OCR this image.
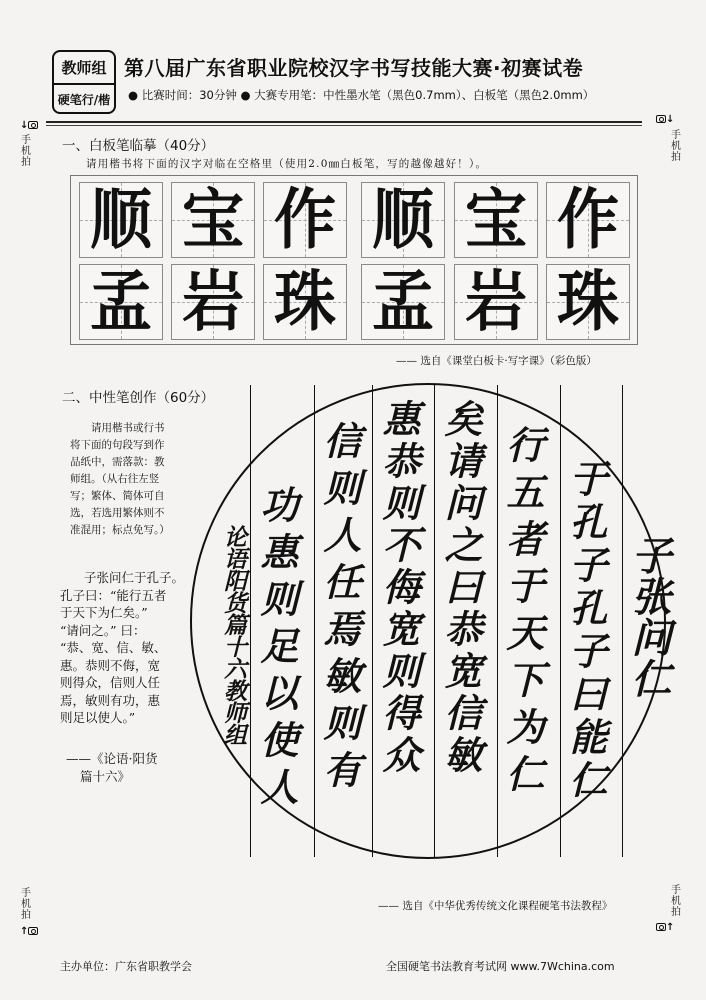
教师组
硬笔行/楷
第八届广东省职业院校汉字书写技能大赛·初赛试卷
● 比赛时间：30分钟 ● 大赛专用笔：中性墨水笔（黑色0.7mm）、白板笔（黑色2.0mm）
↓
手机拍
↓
手机拍
手机拍
↑
手机拍
↑
一、白板笔临摹（40分）
请用楷书将下面的汉字对临在空格里（使用2.0㎜白板笔，写的越像越好！）。
顺 宝 作 顺 宝 作
孟 岩 珠 孟 岩 珠
—— 选自《课堂白板卡·写字课》（彩色版）
二、中性笔创作（60分）
请用楷书或行书
将下面的句段写到作
品纸中，需落款：教
师组。（从右往左竖
写；繁体、简体可自
选，若选用繁体则不
准混用；标点免写。）
子张问仁于孔子。
孔子曰：“能行五者
于天下为仁矣。”
“请问之。” 曰：
“恭、宽、信、敏、
惠。恭则不侮，宽
则得众，信则人任
焉，敏则有功，惠
则足以使人。”
——《论语·阳货
篇十六》
子张问仁
于孔子孔子曰能仁
行五者于天下为仁
矣请问之曰恭宽信敏
惠恭则不侮宽则得众
信则人任焉敏则有
功惠则足以使人
论语阳货篇十六教师组
—— 选自《中华优秀传统文化课程硬笔书法教程》
主办单位：广东省职教学会	全国硬笔书法教育考试网 www.7Wchina.com
